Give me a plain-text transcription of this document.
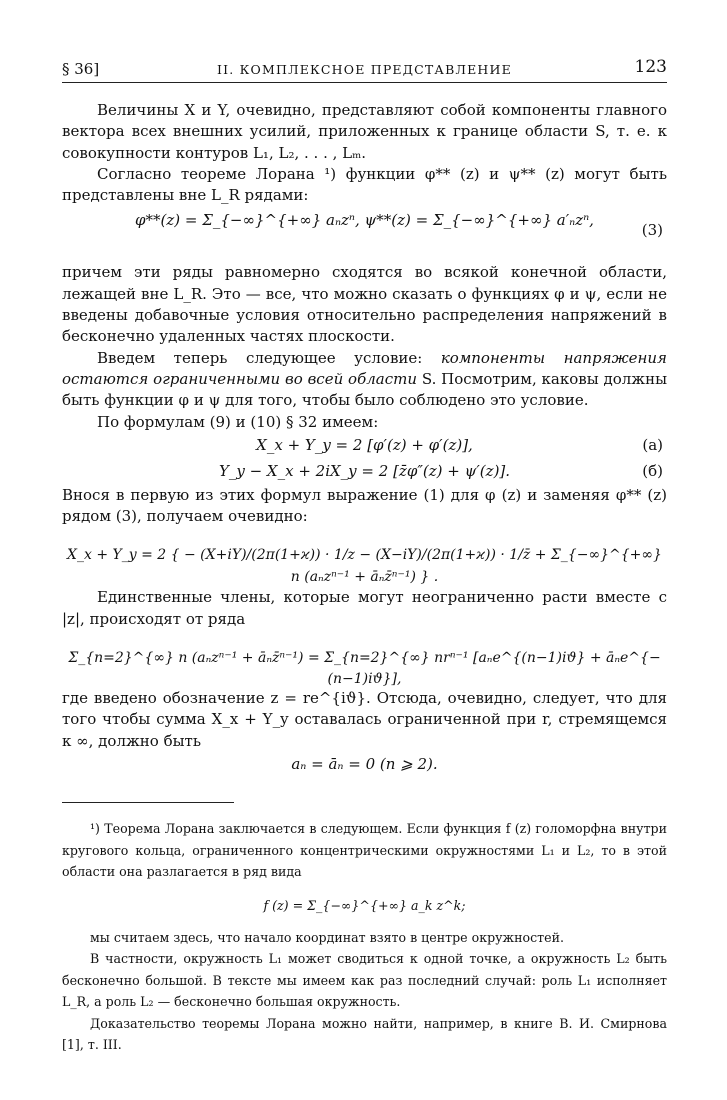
§ 36]	II. КОМПЛЕКСНОЕ ПРЕДСТАВЛЕНИЕ	123

Величины X и Y, очевидно, представляют собой компоненты главного вектора всех внешних усилий, приложенных к границе области S, т. е. к совокупности контуров L₁, L₂, . . . , Lₘ.

Согласно теореме Лорана ¹) функции φ** (z) и ψ** (z) могут быть представлены вне L_R рядами:

φ**(z) = Σ_{−∞}^{+∞} aₙzⁿ, ψ**(z) = Σ_{−∞}^{+∞} a′ₙzⁿ,
(3)

причем эти ряды равномерно сходятся во всякой конечной области, лежащей вне L_R. Это — все, что можно сказать о функциях φ и ψ, если не введены добавочные условия относительно распределения напряжений в бесконечно удаленных частях плоскости.

Введем теперь следующее условие: компоненты напряжения остаются ограниченными во всей области S. Посмотрим, каковы должны быть функции φ и ψ для того, чтобы было соблюдено это условие.

По формулам (9) и (10) § 32 имеем:

X_x + Y_y = 2 [φ′(z) + φ′(z)],	(a)
Y_y − X_x + 2iX_y = 2 [z̄φ″(z) + ψ′(z)].	(б)

Внося в первую из этих формул выражение (1) для φ (z) и заменяя φ** (z) рядом (3), получаем очевидно:

X_x + Y_y = 2 { − (X+iY)/(2π(1+ϰ)) · 1/z − (X−iY)/(2π(1+ϰ)) · 1/z̄ + Σ_{−∞}^{+∞} n (aₙzⁿ⁻¹ + āₙz̄ⁿ⁻¹) } .

Единственные члены, которые могут неограниченно расти вместе с |z|, происходят от ряда

Σ_{n=2}^{∞} n (aₙzⁿ⁻¹ + āₙz̄ⁿ⁻¹) = Σ_{n=2}^{∞} nrⁿ⁻¹ [aₙe^{(n−1)iϑ} + āₙe^{−(n−1)iϑ}],

где введено обозначение z = re^{iϑ}. Отсюда, очевидно, следует, что для того чтобы сумма X_x + Y_y оставалась ограниченной при r, стремящемся к ∞, должно быть

aₙ = āₙ = 0 (n ⩾ 2).

¹) Теорема Лорана заключается в следующем. Если функция f (z) голоморфна внутри кругового кольца, ограниченного концентрическими окружностями L₁ и L₂, то в этой области она разлагается в ряд вида

f (z) = Σ_{−∞}^{+∞} a_k z^k;

мы считаем здесь, что начало координат взято в центре окружностей.

В частности, окружность L₁ может сводиться к одной точке, а окружность L₂ быть бесконечно большой. В тексте мы имеем как раз последний случай: роль L₁ исполняет L_R, а роль L₂ — бесконечно большая окружность.

Доказательство теоремы Лорана можно найти, например, в книге В. И. Смирнова [1], т. III.
